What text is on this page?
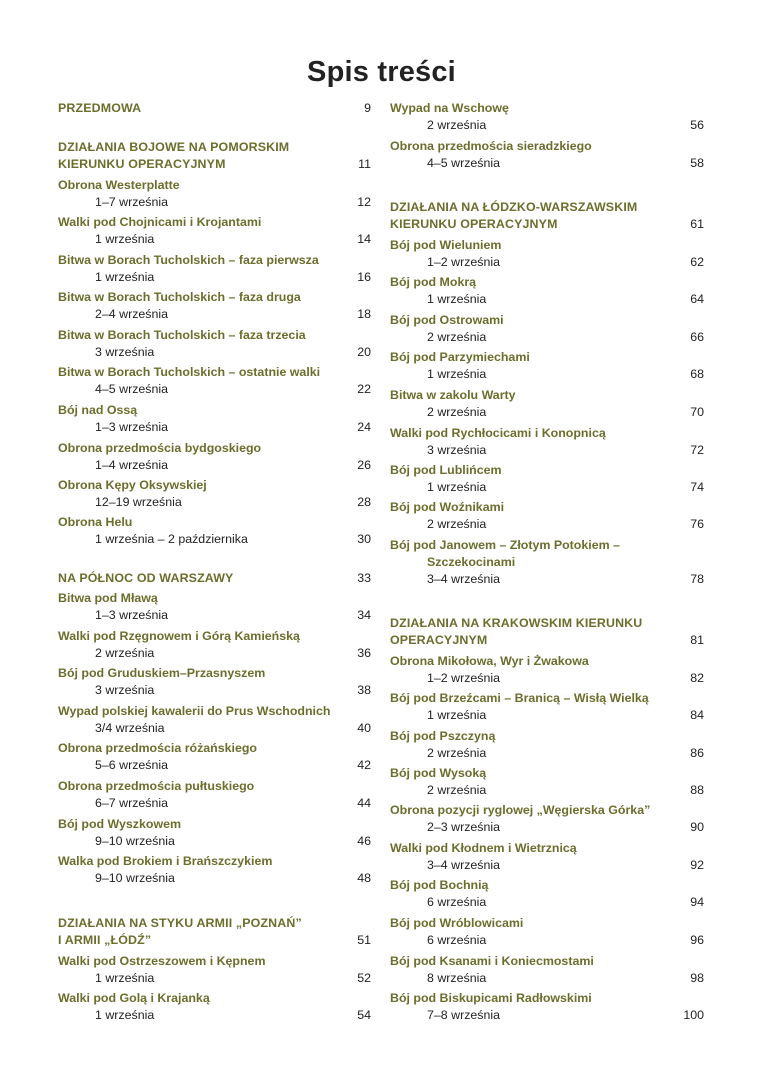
Spis treści
PRZEDMOWA	9
DZIAŁANIA BOJOWE NA POMORSKIM
KIERUNKU OPERACYJNYM	11
Obrona Westerplatte
1–7 września	12
Walki pod Chojnicami i Krojantami
1 września	14
Bitwa w Borach Tucholskich – faza pierwsza
1 września	16
Bitwa w Borach Tucholskich – faza druga
2–4 września	18
Bitwa w Borach Tucholskich – faza trzecia
3 września	20
Bitwa w Borach Tucholskich – ostatnie walki
4–5 września	22
Bój nad Ossą
1–3 września	24
Obrona przedmościa bydgoskiego
1–4 września	26
Obrona Kępy Oksywskiej
12–19 września	28
Obrona Helu
1 września – 2 października	30
NA PÓŁNOC OD WARSZAWY	33
Bitwa pod Mławą
1–3 września	34
Walki pod Rzęgnowem i Górą Kamieńską
2 września	36
Bój pod Gruduskiem–Przasnyszem
3 września	38
Wypad polskiej kawalerii do Prus Wschodnich
3/4 września	40
Obrona przedmościa różańskiego
5–6 września	42
Obrona przedmościa pułtuskiego
6–7 września	44
Bój pod Wyszkowem
9–10 września	46
Walka pod Brokiem i Brańszczykiem
9–10 września	48
DZIAŁANIA NA STYKU ARMII „POZNAŃ”
I ARMII „ŁÓDŹ”	51
Walki pod Ostrzeszowem i Kępnem
1 września	52
Walki pod Golą i Krajanką
1 września	54
Wypad na Wschowę
2 września	56
Obrona przedmościa sieradzkiego
4–5 września	58
DZIAŁANIA NA ŁÓDZKO-WARSZAWSKIM
KIERUNKU OPERACYJNYM	61
Bój pod Wieluniem
1–2 września	62
Bój pod Mokrą
1 września	64
Bój pod Ostrowami
2 września	66
Bój pod Parzymiechami
1 września	68
Bitwa w zakolu Warty
2 września	70
Walki pod Rychłocicami i Konopnicą
3 września	72
Bój pod Lublińcem
1 września	74
Bój pod Woźnikami
2 września	76
Bój pod Janowem – Złotym Potokiem –
Szczekocinami
3–4 września	78
DZIAŁANIA NA KRAKOWSKIM KIERUNKU
OPERACYJNYM	81
Obrona Mikołowa, Wyr i Żwakowa
1–2 września	82
Bój pod Brzeźcami – Branicą – Wisłą Wielką
1 września	84
Bój pod Pszczyną
2 września	86
Bój pod Wysoką
2 września	88
Obrona pozycji ryglowej „Węgierska Górka”
2–3 września	90
Walki pod Kłodnem i Wietrznicą
3–4 września	92
Bój pod Bochnią
6 września	94
Bój pod Wróblowicami
6 września	96
Bój pod Ksanami i Koniecmostami
8 września	98
Bój pod Biskupicami Radłowskimi
7–8 września	100
